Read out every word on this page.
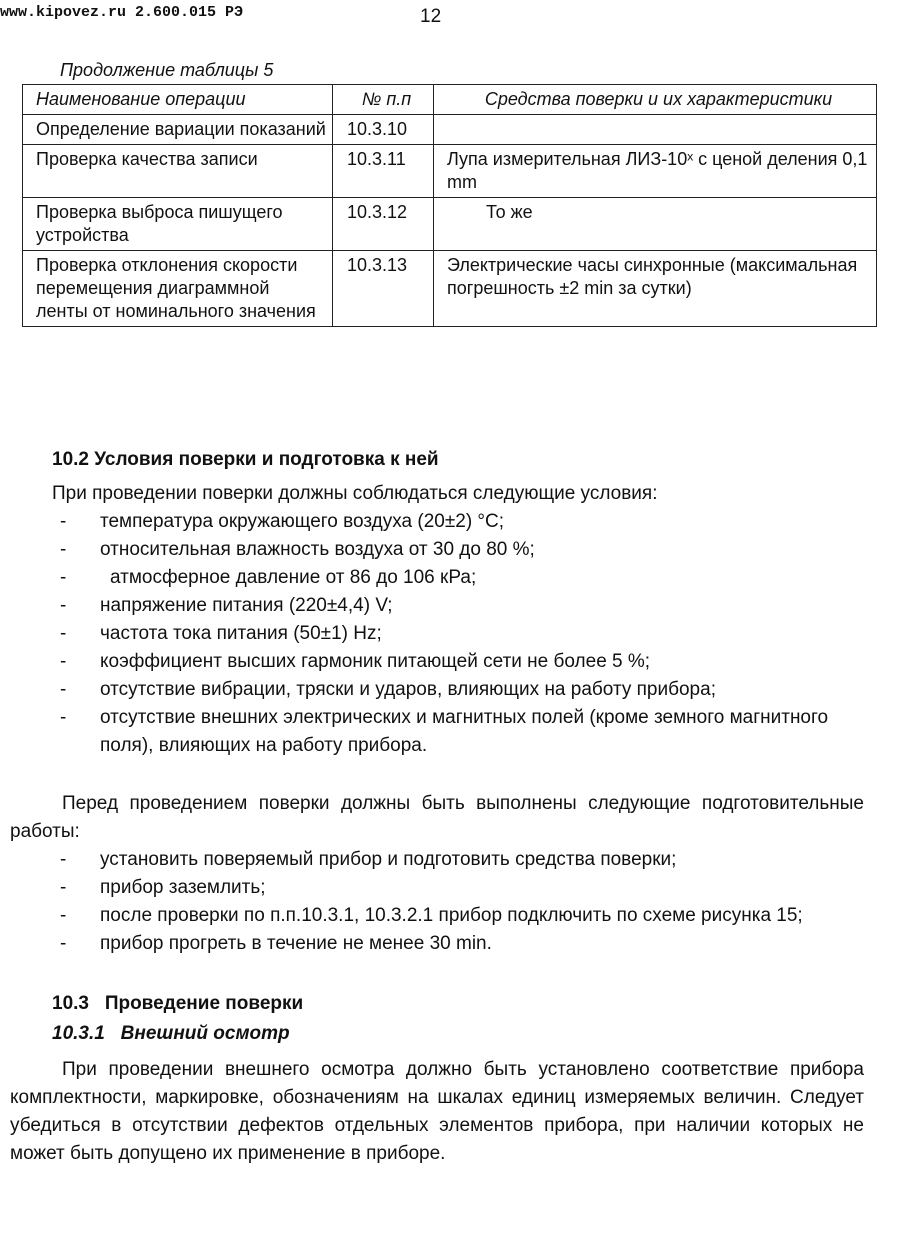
www.kipovez.ru 2.600.015 РЭ	12
Продолжение таблицы 5
Наименование операции	№ п.п	Средства поверки и их характеристики
Определение вариации показаний	10.3.10	
Проверка качества записи	10.3.11	Лупа измерительная ЛИЗ-10ˣ с ценой деления 0,1 mm
Проверка выброса пишущего устройства	10.3.12	То же
Проверка отклонения скорости перемещения диаграммной ленты от номинального значения	10.3.13	Электрические часы синхронные (максимальная погрешность ±2 min за сутки)
10.2 Условия поверки и подготовка к ней
При проведении поверки должны соблюдаться следующие условия:
- температура окружающего воздуха (20±2) °С;
- относительная влажность воздуха от 30 до 80 %;
- атмосферное давление от 86 до 106 кРа;
- напряжение питания (220±4,4) V;
- частота тока питания (50±1) Hz;
- коэффициент высших гармоник питающей сети не более 5 %;
- отсутствие вибрации, тряски и ударов, влияющих на работу прибора;
- отсутствие внешних электрических и магнитных полей (кроме земного магнитного поля), влияющих на работу прибора.
Перед проведением поверки должны быть выполнены следующие подготовительные работы:
- установить поверяемый прибор и подготовить средства поверки;
- прибор заземлить;
- после проверки по п.п.10.3.1, 10.3.2.1 прибор подключить по схеме рисунка 15;
- прибор прогреть в течение не менее 30 min.
10.3   Проведение поверки
10.3.1   Внешний осмотр
При проведении внешнего осмотра должно быть установлено соответствие прибора комплектности, маркировке, обозначениям на шкалах единиц измеряемых величин. Следует убедиться в отсутствии дефектов отдельных элементов прибора, при наличии которых не может быть допущено их применение в приборе.
